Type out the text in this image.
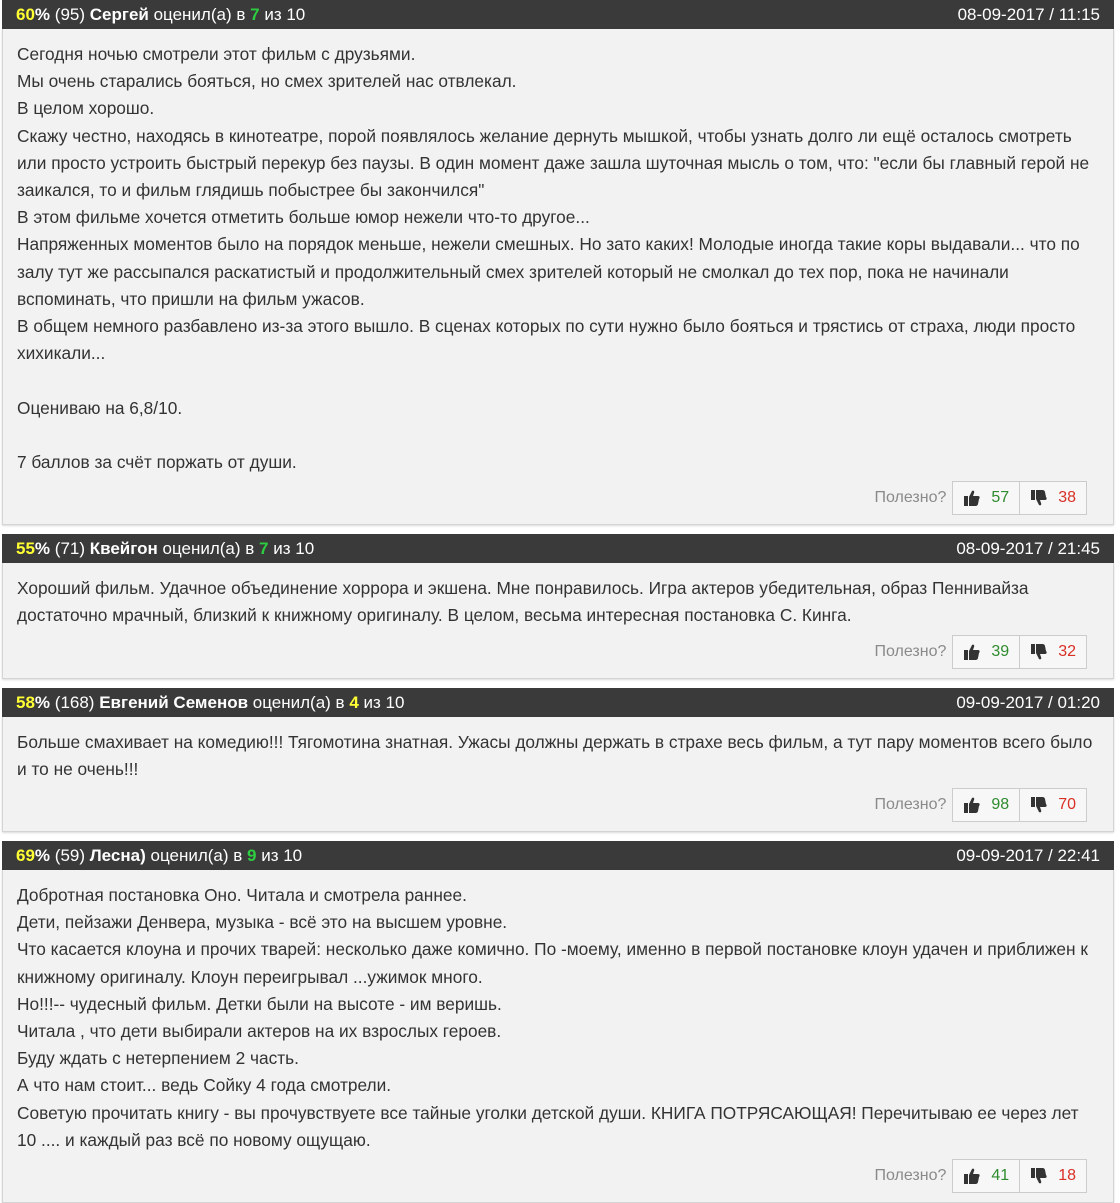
60% (95) Сергей оценил(а) в 7 из 10	08-09-2017 / 11:15

Сегодня ночью смотрели этот фильм с друзьями.

Мы очень старались бояться, но смех зрителей нас отвлекал.

В целом хорошо.

Скажу честно, находясь в кинотеатре, порой появлялось желание дернуть мышкой, чтобы узнать долго ли ещё осталось смотреть или просто устроить быстрый перекур без паузы. В один момент даже зашла шуточная мысль о том, что: "если бы главный герой не заикался, то и фильм глядишь побыстрее бы закончился"

В этом фильме хочется отметить больше юмор нежели что-то другое...

Напряженных моментов было на порядок меньше, нежели смешных. Но зато каких! Молодые иногда такие коры выдавали... что по залу тут же рассыпался раскатистый и продолжительный смех зрителей который не смолкал до тех пор, пока не начинали вспоминать, что пришли на фильм ужасов.

В общем немного разбавлено из-за этого вышло. В сценах которых по сути нужно было бояться и трястись от страха, люди просто хихикали...

Оцениваю на 6,8/10.

7 баллов за счёт поржать от души.

Полезно?	57	38
55% (71) Квейгон оценил(а) в 7 из 10	08-09-2017 / 21:45

Хороший фильм. Удачное объединение хоррора и экшена. Мне понравилось. Игра актеров убедительная, образ Пеннивайза достаточно мрачный, близкий к книжному оригиналу. В целом, весьма интересная постановка С. Кинга.

Полезно?	39	32
58% (168) Евгений Семенов оценил(а) в 4 из 10	09-09-2017 / 01:20

Больше смахивает на комедию!!! Тягомотина знатная. Ужасы должны держать в страхе весь фильм, а тут пару моментов всего было и то не очень!!!

Полезно?	98	70
69% (59) Лесна) оценил(а) в 9 из 10	09-09-2017 / 22:41

Добротная постановка Оно. Читала и смотрела раннее.

Дети, пейзажи Денвера, музыка - всё это на высшем уровне.

Что касается клоуна и прочих тварей: несколько даже комично. По -моему, именно в первой постановке клоун удачен и приближен к книжному оригиналу. Клоун переигрывал ...ужимок много.

Но!!!-- чудесный фильм. Детки были на высоте - им веришь.

Читала , что дети выбирали актеров на их взрослых героев.

Буду ждать с нетерпением 2 часть.

А что нам стоит... ведь Сойку 4 года смотрели.

Советую прочитать книгу - вы прочувствуете все тайные уголки детской души. КНИГА ПОТРЯСАЮЩАЯ! Перечитываю ее через лет 10 .... и каждый раз всё по новому ощущаю.

Полезно?	41	18
